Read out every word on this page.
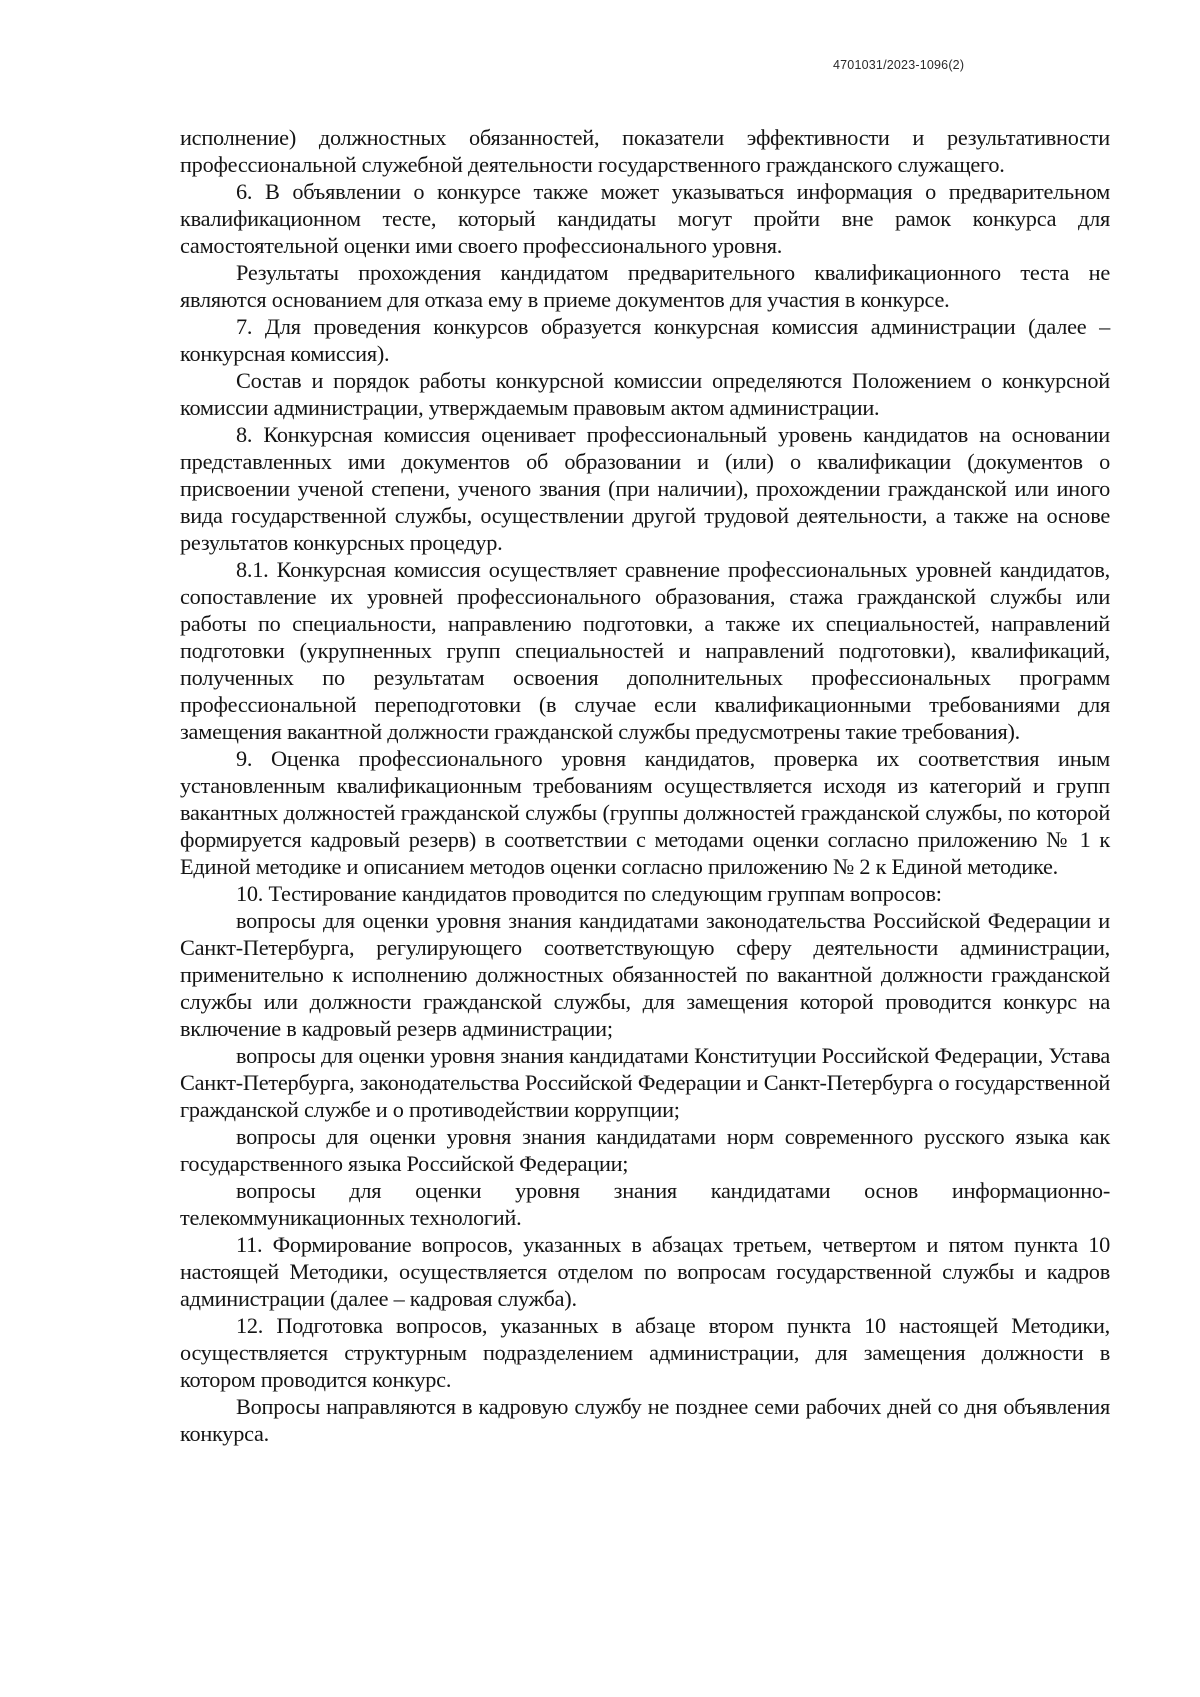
4701031/2023-1096(2)

исполнение) должностных обязанностей, показатели эффективности и результативности профессиональной служебной деятельности государственного гражданского служащего.

6. В объявлении о конкурсе также может указываться информация о предварительном квалификационном тесте, который кандидаты могут пройти вне рамок конкурса для самостоятельной оценки ими своего профессионального уровня.

Результаты прохождения кандидатом предварительного квалификационного теста не являются основанием для отказа ему в приеме документов для участия в конкурсе.

7. Для проведения конкурсов образуется конкурсная комиссия администрации (далее – конкурсная комиссия).

Состав и порядок работы конкурсной комиссии определяются Положением о конкурсной комиссии администрации, утверждаемым правовым актом администрации.

8. Конкурсная комиссия оценивает профессиональный уровень кандидатов на основании представленных ими документов об образовании и (или) о квалификации (документов о присвоении ученой степени, ученого звания (при наличии), прохождении гражданской или иного вида государственной службы, осуществлении другой трудовой деятельности, а также на основе результатов конкурсных процедур.

8.1. Конкурсная комиссия осуществляет сравнение профессиональных уровней кандидатов, сопоставление их уровней профессионального образования, стажа гражданской службы или работы по специальности, направлению подготовки, а также их специальностей, направлений подготовки (укрупненных групп специальностей и направлений подготовки), квалификаций, полученных по результатам освоения дополнительных профессиональных программ профессиональной переподготовки (в случае если квалификационными требованиями для замещения вакантной должности гражданской службы предусмотрены такие требования).

9. Оценка профессионального уровня кандидатов, проверка их соответствия иным установленным квалификационным требованиям осуществляется исходя из категорий и групп вакантных должностей гражданской службы (группы должностей гражданской службы, по которой формируется кадровый резерв) в соответствии с методами оценки согласно приложению № 1 к Единой методике и описанием методов оценки согласно приложению № 2 к Единой методике.

10. Тестирование кандидатов проводится по следующим группам вопросов:

вопросы для оценки уровня знания кандидатами законодательства Российской Федерации и Санкт-Петербурга, регулирующего соответствующую сферу деятельности администрации, применительно к исполнению должностных обязанностей по вакантной должности гражданской службы или должности гражданской службы, для замещения которой проводится конкурс на включение в кадровый резерв администрации;

вопросы для оценки уровня знания кандидатами Конституции Российской Федерации, Устава Санкт-Петербурга, законодательства Российской Федерации и Санкт-Петербурга о государственной гражданской службе и о противодействии коррупции;

вопросы для оценки уровня знания кандидатами норм современного русского языка как государственного языка Российской Федерации;

вопросы для оценки уровня знания кандидатами основ информационно-телекоммуникационных технологий.

11. Формирование вопросов, указанных в абзацах третьем, четвертом и пятом пункта 10 настоящей Методики, осуществляется отделом по вопросам государственной службы и кадров администрации (далее – кадровая служба).

12. Подготовка вопросов, указанных в абзаце втором пункта 10 настоящей Методики, осуществляется структурным подразделением администрации, для замещения должности в котором проводится конкурс.

Вопросы направляются в кадровую службу не позднее семи рабочих дней со дня объявления конкурса.
